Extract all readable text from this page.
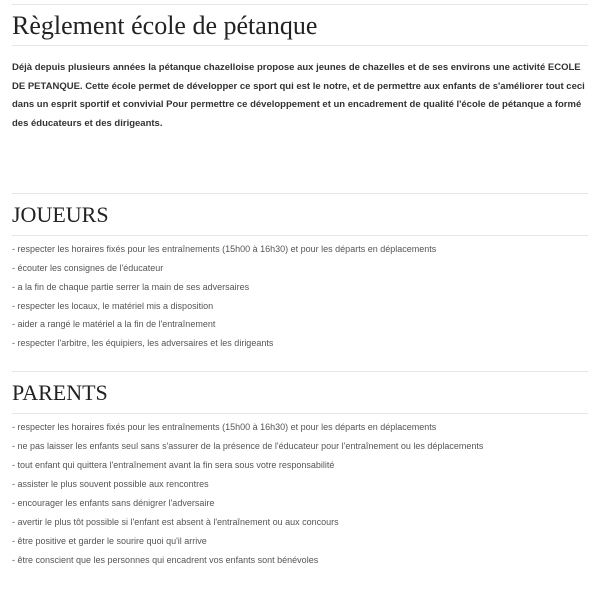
Règlement école de pétanque

Déjà depuis plusieurs années la pétanque chazelloise propose aux jeunes de chazelles et de ses environs une activité ECOLE DE PETANQUE. Cette école permet de développer ce sport qui est le notre, et de permettre aux enfants de s'améliorer tout ceci dans un esprit sportif et convivial Pour permettre ce développement et un encadrement de qualité l'école de pétanque a formé des éducateurs et des dirigeants.

JOUEURS
- respecter les horaires fixés pour les entraînements (15h00 à 16h30) et pour les départs en déplacements
- écouter les consignes de l'éducateur
- a la fin de chaque partie serrer la main de ses adversaires
- respecter les locaux, le matériel mis a disposition
- aider a rangé le matériel a la fin de l'entraînement
- respecter l'arbitre, les équipiers, les adversaires et les dirigeants
PARENTS
- respecter les horaires fixés pour les entraînements (15h00 à 16h30) et pour les départs en déplacements
- ne pas laisser les enfants seul sans s'assurer de la présence de l'éducateur pour l'entraînement ou les déplacements
- tout enfant qui quittera l'entraînement avant la fin sera sous votre responsabilité
- assister le plus souvent possible aux rencontres
- encourager les enfants sans dénigrer l'adversaire
- avertir le plus tôt possible si l'enfant est absent à l'entraînement ou aux concours
- être positive et garder le sourire quoi qu'il arrive
- être conscient que les personnes qui encadrent vos enfants sont bénévoles
